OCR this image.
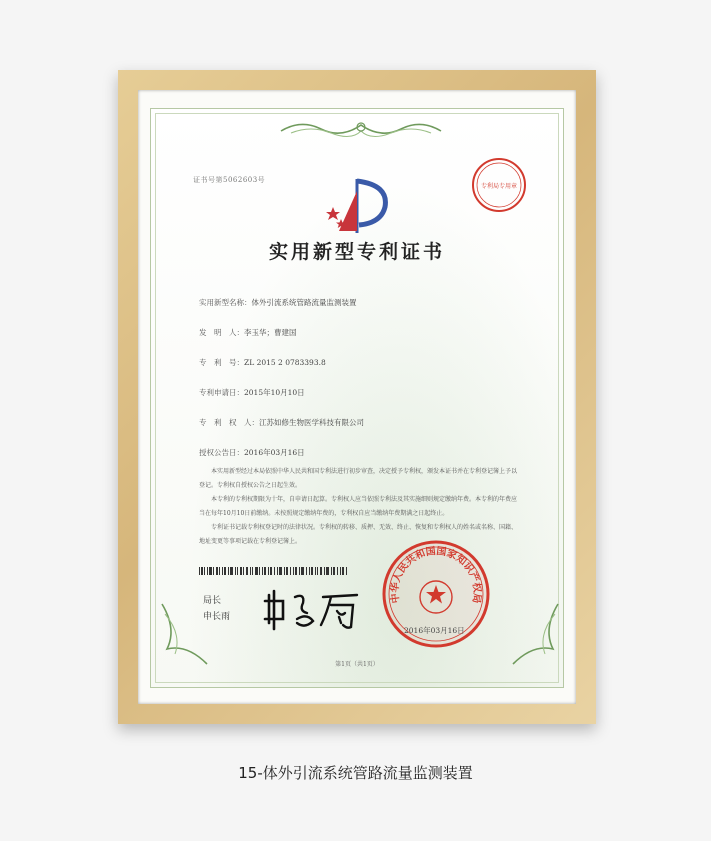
证书号第5062603号
专利局专用章
实用新型专利证书
实用新型名称：体外引流系统管路流量监测装置
发　明　人：李玉华；曹建国
专　利　号：ZL 2015 2 0783393.8
专利申请日：2015年10月10日
专　利　权　人：江苏如修生物医学科技有限公司
授权公告日：2016年03月16日

本实用新型经过本局依照中华人民共和国专利法进行初步审查，决定授予专利权，颁发本证书并在专利登记簿上予以登记。专利权自授权公告之日起生效。

本专利的专利权期限为十年，自申请日起算。专利权人应当依照专利法及其实施细则规定缴纳年费。本专利的年费应当在每年10月10日前缴纳。未按照规定缴纳年费的，专利权自应当缴纳年费期满之日起终止。

专利证书记载专利权登记时的法律状况。专利权的转移、质押、无效、终止、恢复和专利权人的姓名或名称、国籍、地址变更等事项记载在专利登记簿上。

局长
申长雨
中华人民共和国国家知识产权局
2016年03月16日
第1页（共1页）
15-体外引流系统管路流量监测装置
